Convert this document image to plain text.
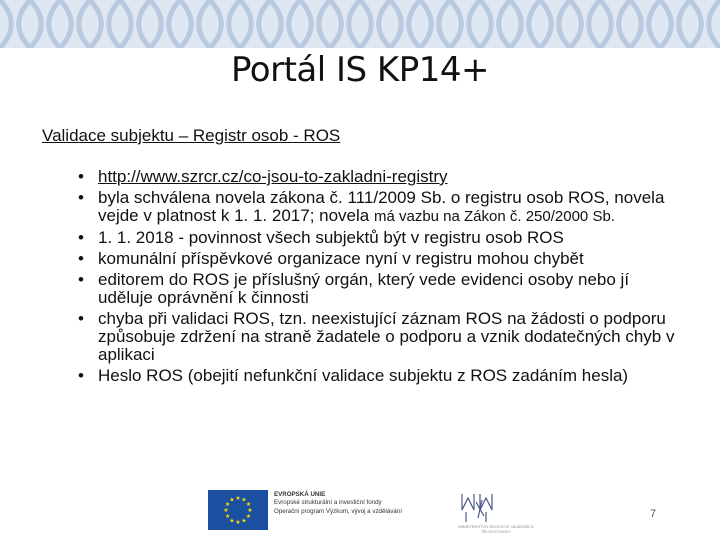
Portál IS KP14+
Validace subjektu – Registr osob - ROS
• http://www.szrcr.cz/co-jsou-to-zakladni-registry
• byla schválena novela zákona č. 111/2009 Sb. o registru osob ROS, novela vejde v platnost k 1. 1. 2017; novela má vazbu na Zákon č. 250/2000 Sb.
• 1. 1. 2018 - povinnost všech subjektů být v registru osob ROS
• komunální příspěvkové organizace nyní v registru mohou chybět
• editorem do ROS je příslušný orgán, který vede evidenci osoby nebo jí uděluje oprávnění k činnosti
• chyba při validaci ROS, tzn. neexistující záznam ROS na žádosti o podporu způsobuje zdržení na straně žadatele o podporu a vznik dodatečných chyb v aplikaci
• Heslo ROS (obejití nefunkční validace subjektu z ROS zadáním hesla)
★
★
★
★
★
★
★
★
★ ★ ★
★
EVROPSKÁ UNIE
Evropské strukturální a investiční fondy
Operační program Výzkum, vývoj a vzdělávání
MINISTERSTVO ŠKOLSTVÍ, MLÁDEŽE A TĚLOVÝCHOVY
7
